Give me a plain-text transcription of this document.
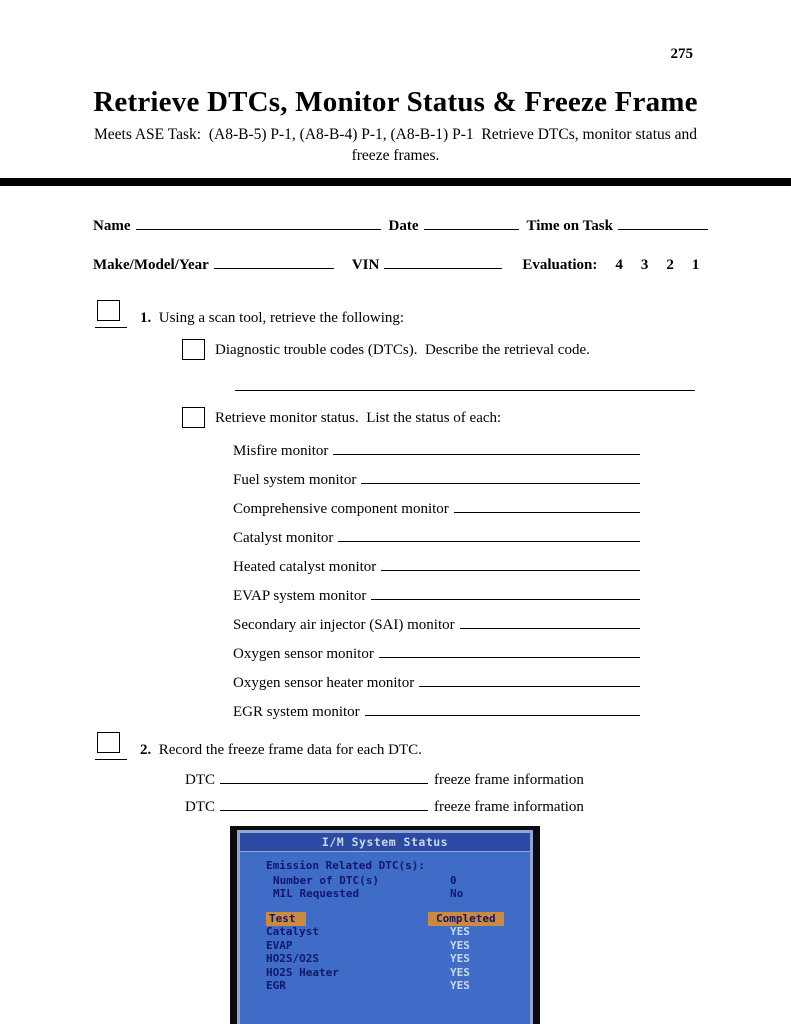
275
Retrieve DTCs, Monitor Status & Freeze Frame
Meets ASE Task:  (A8-B-5) P-1, (A8-B-4) P-1, (A8-B-1) P-1  Retrieve DTCs, monitor status and
freeze frames.
Name	Date	Time on Task
Make/Model/Year	VIN	Evaluation: 4 3 2 1
1. Using a scan tool, retrieve the following:
Diagnostic trouble codes (DTCs).  Describe the retrieval code.
Retrieve monitor status.  List the status of each:
Misfire monitor
Fuel system monitor
Comprehensive component monitor
Catalyst monitor
Heated catalyst monitor
EVAP system monitor
Secondary air injector (SAI) monitor
Oxygen sensor monitor
Oxygen sensor heater monitor
EGR system monitor
2. Record the freeze frame data for each DTC.
DTC	freeze frame information
DTC	freeze frame information
I/M System Status
Emission Related DTC(s):
Number of DTC(s)	0
MIL Requested	No
Test	Completed
Catalyst	YES
EVAP	YES
HO2S/O2S	YES
HO2S Heater	YES
EGR	YES
